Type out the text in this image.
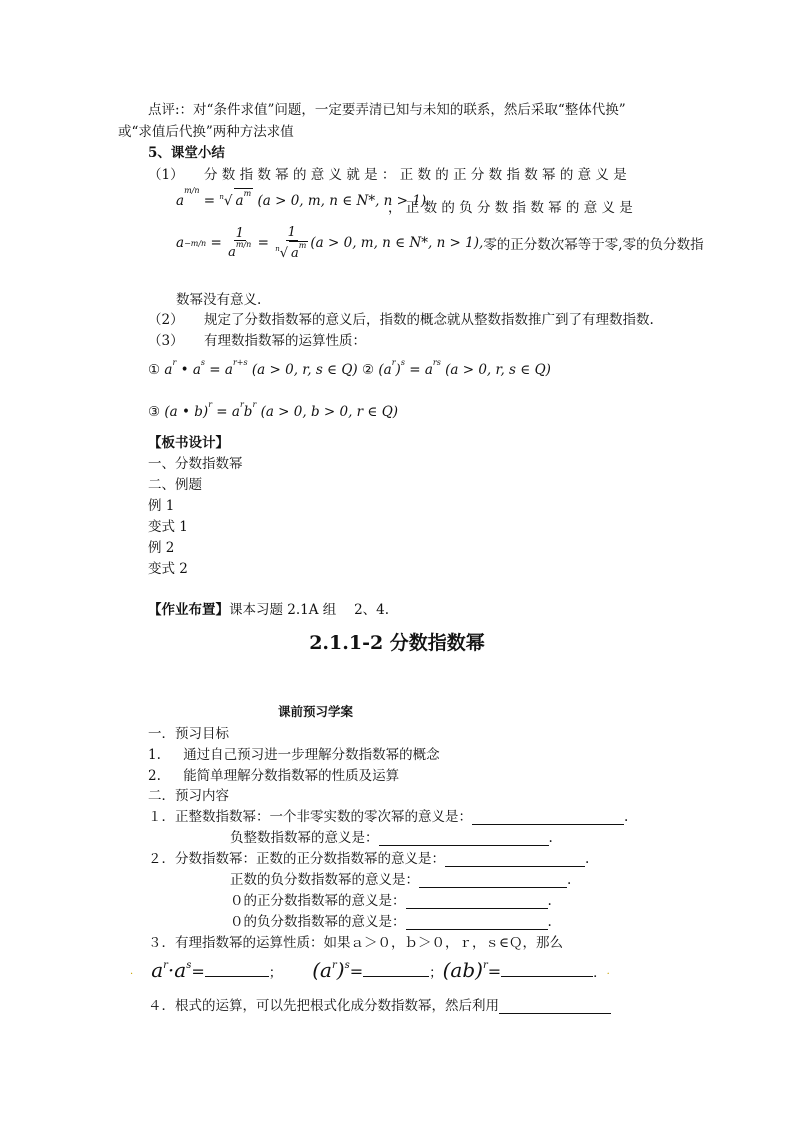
点评:：对“条件求值”问题，一定要弄清已知与未知的联系，然后采取“整体代换”
或“求值后代换”两种方法求值
5、课堂小结
（1） 分 数 指 数 幂 的 意 义 就 是 ： 正 数 的 正 分 数 指 数 幂 的 意 义 是
$a^{m/n} = ^n√$ $a^m$ (a > 0, m, n ∈ N*, n > 1)
， 正 数 的 负 分 数 指 数 幂 的 意 义 是
$a -m/n = \frac{1}{a^{m/n}} = \frac{1}{^n√ a^m} (a > 0$, m, n ∈ N*, n > 1), 零的正分数次幂等于零,零的负分数指
数幂没有意义.
（2） 规定了分数指数幂的意义后，指数的概念就从整数指数推广到了有理数指数.
（3） 有理数指数幂的运算性质：
① $a^r$ • $a^s = a^{r+s}$ (a > 0, r, s ∈ Q) ② $(a^r)^s = a^{rs}$ (a > 0, r, s ∈ Q)
③ (a • $b)^r = a^rb^r$ (a > 0, b > 0, r ∈ Q)
【板书设计】
一、分数指数幂
二、例题
例 1
变式 1
例 2
变式 2
【作业布置】课本习题 2.1A 组　 2、4.
2.1.1-2 分数指数幂
课前预习学案
一．预习目标
1. 通过自己预习进一步理解分数指数幂的概念
2. 能简单理解分数指数幂的性质及运算
二．预习内容
１．正整数指数幂：一个非零实数的零次幂的意义是：	.
负整数指数幂的意义是：	.
２．分数指数幂：正数的正分数指数幂的意义是：	.
正数的负分数指数幂的意义是：	.
０的正分数指数幂的意义是：	.
０的负分数指数幂的意义是：	.
３．有理指数幂的运算性质：如果ａ＞０，ｂ＞０，ｒ，ｓ∈Ｑ，那么
· $a^r\cdot a^s$ =	； $(a^r)^s$ =	； (ab)$^r$ =	． ·
４．根式的运算，可以先把根式化成分数指数幂，然后利用
